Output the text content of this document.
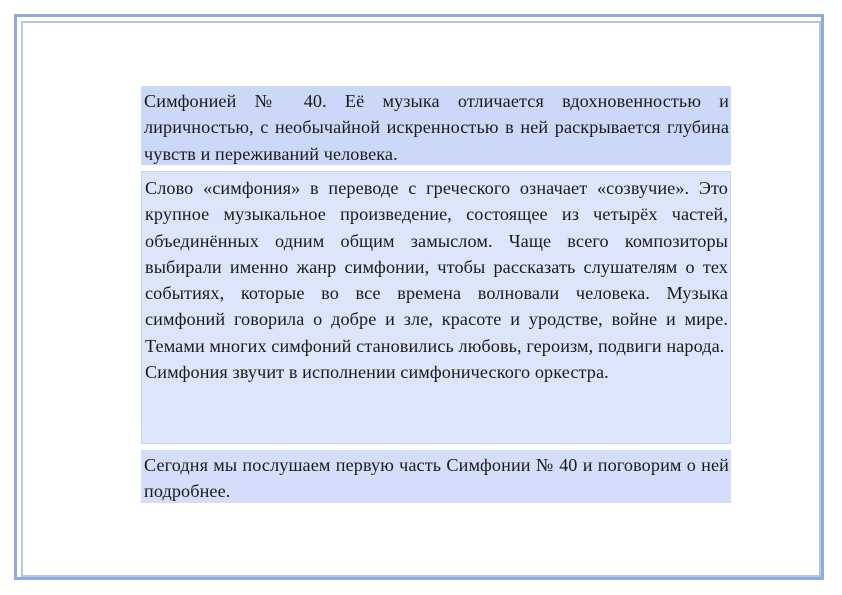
Симфонией № 40. Её музыка отличается вдохновенностью и лиричностью, с необычайной искренностью в ней раскрывается глубина чувств и переживаний человека.

Слово «симфония» в переводе с греческого означает «созвучие». Это крупное музыкальное произведение, состоящее из четырёх частей, объединённых одним общим замыслом. Чаще всего композиторы выбирали именно жанр симфонии, чтобы рассказать слушателям о тех событиях, которые во все времена волновали человека. Музыка симфоний говорила о добре и зле, красоте и уродстве, войне и мире. Темами многих симфоний становились любовь, героизм, подвиги народа.

Симфония звучит в исполнении симфонического оркестра.

Сегодня мы послушаем первую часть Симфонии № 40 и поговорим о ней подробнее.
